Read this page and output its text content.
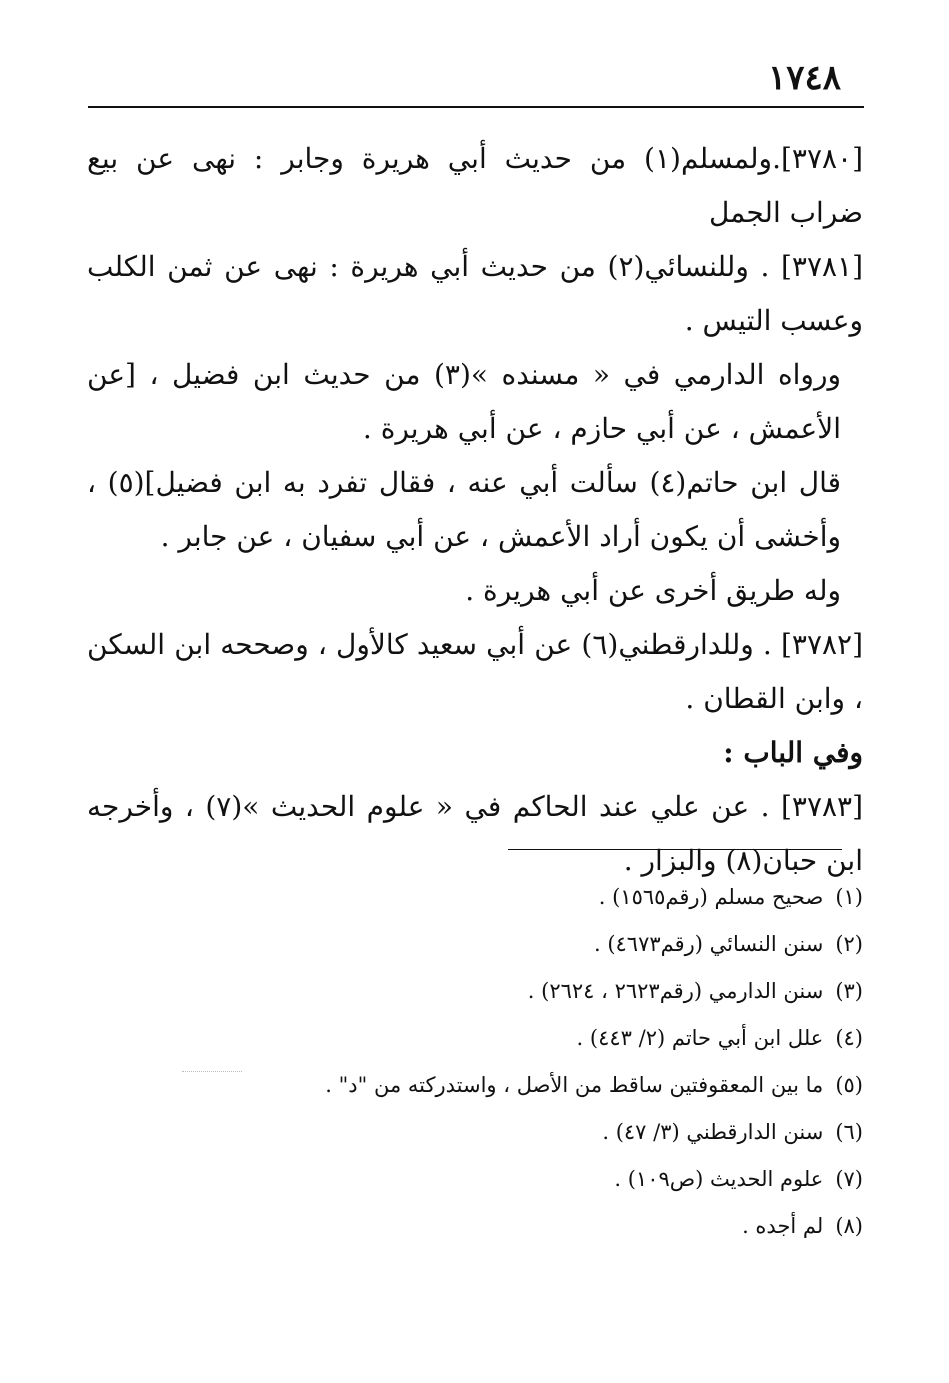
١٧٤٨

[٣٧٨٠].ولمسلم(١) من حديث أبي هريرة وجابر : نهى عن بيع ضراب الجمل

[٣٧٨١] . وللنسائي(٢) من حديث أبي هريرة : نهى عن ثمن الكلب وعسب التيس .

ورواه الدارمي في « مسنده »(٣) من حديث ابن فضيل ، [عن الأعمش ، عن أبي حازم ، عن أبي هريرة .

قال ابن حاتم(٤) سألت أبي عنه ، فقال تفرد به ابن فضيل](٥) ، وأخشى أن يكون أراد الأعمش ، عن أبي سفيان ، عن جابر .

وله طريق أخرى عن أبي هريرة .

[٣٧٨٢] . وللدارقطني(٦) عن أبي سعيد كالأول ، وصححه ابن السكن ، وابن القطان .

وفي الباب :

[٣٧٨٣] . عن علي عند الحاكم في « علوم الحديث »(٧) ، وأخرجه ابن حبان(٨) والبزار .

(١)صحيح مسلم (رقم١٥٦٥) .

(٢)سنن النسائي (رقم٤٦٧٣) .

(٣)سنن الدارمي (رقم٢٦٢٣ ، ٢٦٢٤) .

(٤)علل ابن أبي حاتم (٢/ ٤٤٣) .

(٥)ما بين المعقوفتين ساقط من الأصل ، واستدركته من "د" .

(٦)سنن الدارقطني (٣/ ٤٧) .

(٧)علوم الحديث (ص١٠٩) .

(٨)لم أجده .
